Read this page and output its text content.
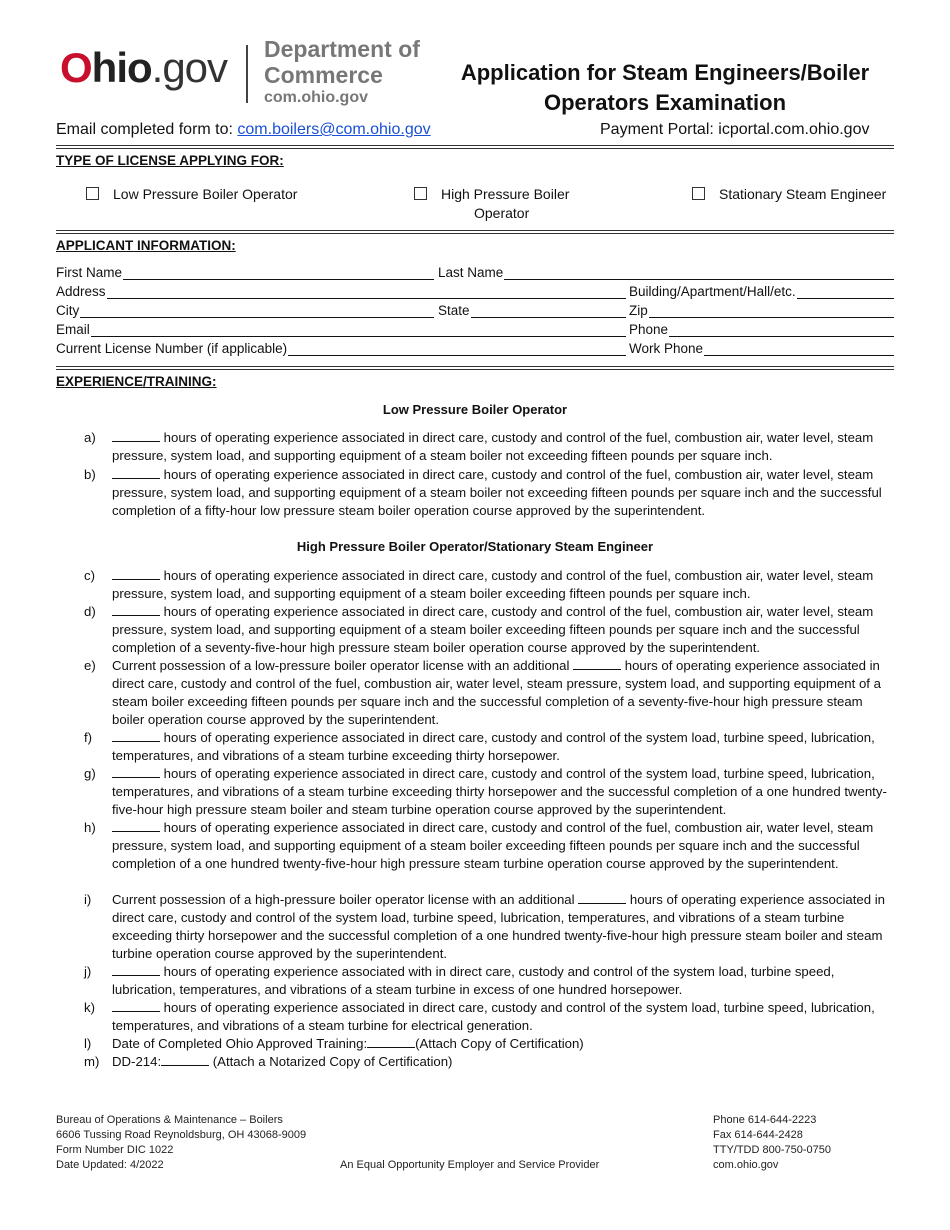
Ohio.gov Department of
Commerce
com.ohio.gov
Application for Steam Engineers/Boiler
Operators Examination
Email completed form to: com.boilers@com.ohio.gov	Payment Portal: icportal.com.ohio.gov
TYPE OF LICENSE APPLYING FOR:
Low Pressure Boiler Operator	High Pressure Boiler
Operator
Stationary Steam Engineer
APPLICANT INFORMATION:
First Name	Last Name
Address	Building/Apartment/Hall/etc.
City	State	Zip
Email	Phone
Current License Number (if applicable)	Work Phone
EXPERIENCE/TRAINING:
Low Pressure Boiler Operator
a)	hours of operating experience associated in direct care, custody and control of the fuel, combustion air, water level, steam pressure, system load, and supporting equipment of a steam boiler not exceeding fifteen pounds per square inch.
b)	hours of operating experience associated in direct care, custody and control of the fuel, combustion air, water level, steam pressure, system load, and supporting equipment of a steam boiler not exceeding fifteen pounds per square inch and the successful completion of a fifty-hour low pressure steam boiler operation course approved by the superintendent.
High Pressure Boiler Operator/Stationary Steam Engineer
c)	hours of operating experience associated in direct care, custody and control of the fuel, combustion air, water level, steam pressure, system load, and supporting equipment of a steam boiler exceeding fifteen pounds per square inch.
d)	hours of operating experience associated in direct care, custody and control of the fuel, combustion air, water level, steam pressure, system load, and supporting equipment of a steam boiler exceeding fifteen pounds per square inch and the successful completion of a seventy-five-hour high pressure steam boiler operation course approved by the superintendent.
e) Current possession of a low-pressure boiler operator license with an additional	hours of operating experience associated in direct care, custody and control of the fuel, combustion air, water level, steam pressure, system load, and supporting equipment of a steam boiler exceeding fifteen pounds per square inch and the successful completion of a seventy-five-hour high pressure steam boiler operation course approved by the superintendent.
f)	hours of operating experience associated in direct care, custody and control of the system load, turbine speed, lubrication, temperatures, and vibrations of a steam turbine exceeding thirty horsepower.
g)	hours of operating experience associated in direct care, custody and control of the system load, turbine speed, lubrication, temperatures, and vibrations of a steam turbine exceeding thirty horsepower and the successful completion of a one hundred twenty-five-hour high pressure steam boiler and steam turbine operation course approved by the superintendent.
h)	hours of operating experience associated in direct care, custody and control of the fuel, combustion air, water level, steam pressure, system load, and supporting equipment of a steam boiler exceeding fifteen pounds per square inch and the successful completion of a one hundred twenty-five-hour high pressure steam turbine operation course approved by the superintendent.
i) Current possession of a high-pressure boiler operator license with an additional	hours of operating experience associated in direct care, custody and control of the system load, turbine speed, lubrication, temperatures, and vibrations of a steam turbine exceeding thirty horsepower and the successful completion of a one hundred twenty-five-hour high pressure steam boiler and steam turbine operation course approved by the superintendent.
j)	hours of operating experience associated with in direct care, custody and control of the system load, turbine speed, lubrication, temperatures, and vibrations of a steam turbine in excess of one hundred horsepower.
k)	hours of operating experience associated in direct care, custody and control of the system load, turbine speed, lubrication, temperatures, and vibrations of a steam turbine for electrical generation.
l) Date of Completed Ohio Approved Training:	(Attach Copy of Certification)
m) DD-214:	(Attach a Notarized Copy of Certification)
Bureau of Operations & Maintenance – Boilers
6606 Tussing Road Reynoldsburg, OH 43068-9009
Form Number DIC 1022
Date Updated: 4/2022	An Equal Opportunity Employer and Service Provider
Phone 614-644-2223
Fax 614-644-2428
TTY/TDD 800-750-0750
com.ohio.gov
